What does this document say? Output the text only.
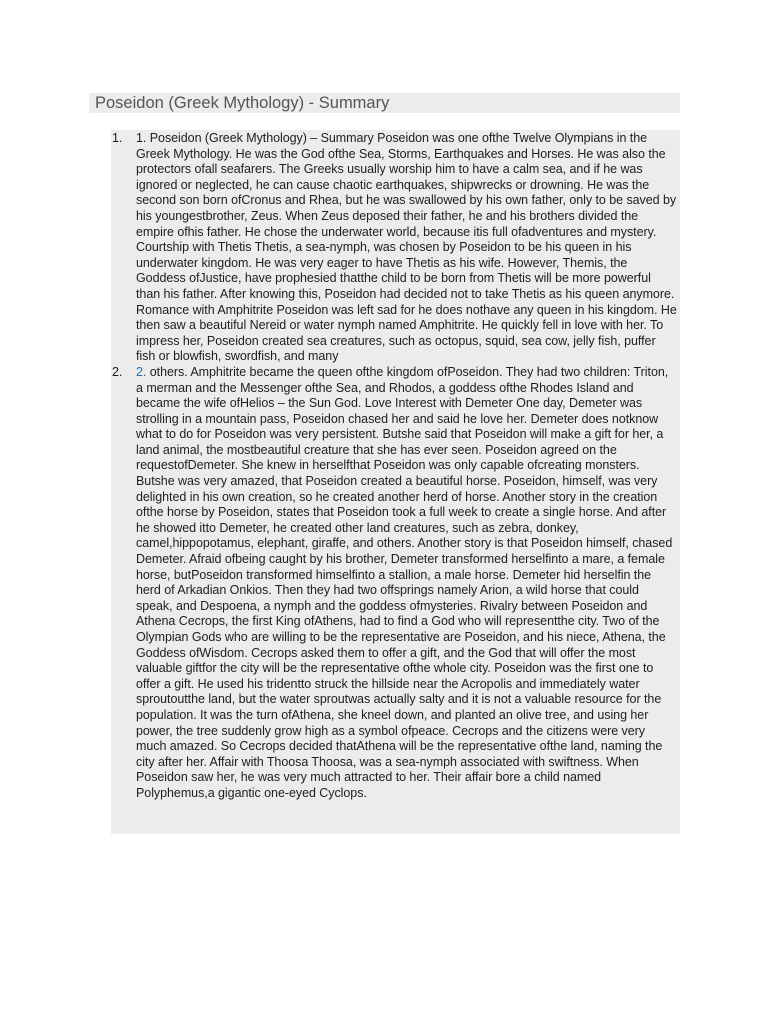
Poseidon (Greek Mythology) - Summary
1. 1. Poseidon (Greek Mythology) – Summary Poseidon was one ofthe Twelve Olympians in the Greek Mythology. He was the God ofthe Sea, Storms, Earthquakes and Horses. He was also the protectors ofall seafarers. The Greeks usually worship him to have a calm sea, and if he was ignored or neglected, he can cause chaotic earthquakes, shipwrecks or drowning. He was the second son born ofCronus and Rhea, but he was swallowed by his own father, only to be saved by his youngestbrother, Zeus. When Zeus deposed their father, he and his brothers divided the empire ofhis father. He chose the underwater world, because itis full ofadventures and mystery. Courtship with Thetis Thetis, a sea-nymph, was chosen by Poseidon to be his queen in his underwater kingdom. He was very eager to have Thetis as his wife. However, Themis, the Goddess ofJustice, have prophesied thatthe child to be born from Thetis will be more powerful than his father. After knowing this, Poseidon had decided not to take Thetis as his queen anymore. Romance with Amphitrite Poseidon was left sad for he does nothave any queen in his kingdom. He then saw a beautiful Nereid or water nymph named Amphitrite. He quickly fell in love with her. To impress her, Poseidon created sea creatures, such as octopus, squid, sea cow, jelly fish, puffer fish or blowfish, swordfish, and many
2. 2. others. Amphitrite became the queen ofthe kingdom ofPoseidon. They had two children: Triton, a merman and the Messenger ofthe Sea, and Rhodos, a goddess ofthe Rhodes Island and became the wife ofHelios – the Sun God. Love Interest with Demeter One day, Demeter was strolling in a mountain pass, Poseidon chased her and said he love her. Demeter does notknow what to do for Poseidon was very persistent. Butshe said that Poseidon will make a gift for her, a land animal, the mostbeautiful creature that she has ever seen. Poseidon agreed on the requestofDemeter. She knew in herselfthat Poseidon was only capable ofcreating monsters. Butshe was very amazed, that Poseidon created a beautiful horse. Poseidon, himself, was very delighted in his own creation, so he created another herd of horse. Another story in the creation ofthe horse by Poseidon, states that Poseidon took a full week to create a single horse. And after he showed itto Demeter, he created other land creatures, such as zebra, donkey, camel,hippopotamus, elephant, giraffe, and others. Another story is that Poseidon himself, chased Demeter. Afraid ofbeing caught by his brother, Demeter transformed herselfinto a mare, a female horse, butPoseidon transformed himselfinto a stallion, a male horse. Demeter hid herselfin the herd of Arkadian Onkios. Then they had two offsprings namely Arion, a wild horse that could speak, and Despoena, a nymph and the goddess ofmysteries. Rivalry between Poseidon and Athena Cecrops, the first King ofAthens, had to find a God who will representthe city. Two of the Olympian Gods who are willing to be the representative are Poseidon, and his niece, Athena, the Goddess ofWisdom. Cecrops asked them to offer a gift, and the God that will offer the most valuable giftfor the city will be the representative ofthe whole city. Poseidon was the first one to offer a gift. He used his tridentto struck the hillside near the Acropolis and immediately water sproutoutthe land, but the water sproutwas actually salty and it is not a valuable resource for the population. It was the turn ofAthena, she kneel down, and planted an olive tree, and using her power, the tree suddenly grow high as a symbol ofpeace. Cecrops and the citizens were very much amazed. So Cecrops decided thatAthena will be the representative ofthe land, naming the city after her. Affair with Thoosa Thoosa, was a sea-nymph associated with swiftness. When Poseidon saw her, he was very much attracted to her. Their affair bore a child named Polyphemus,a gigantic one-eyed Cyclops.
